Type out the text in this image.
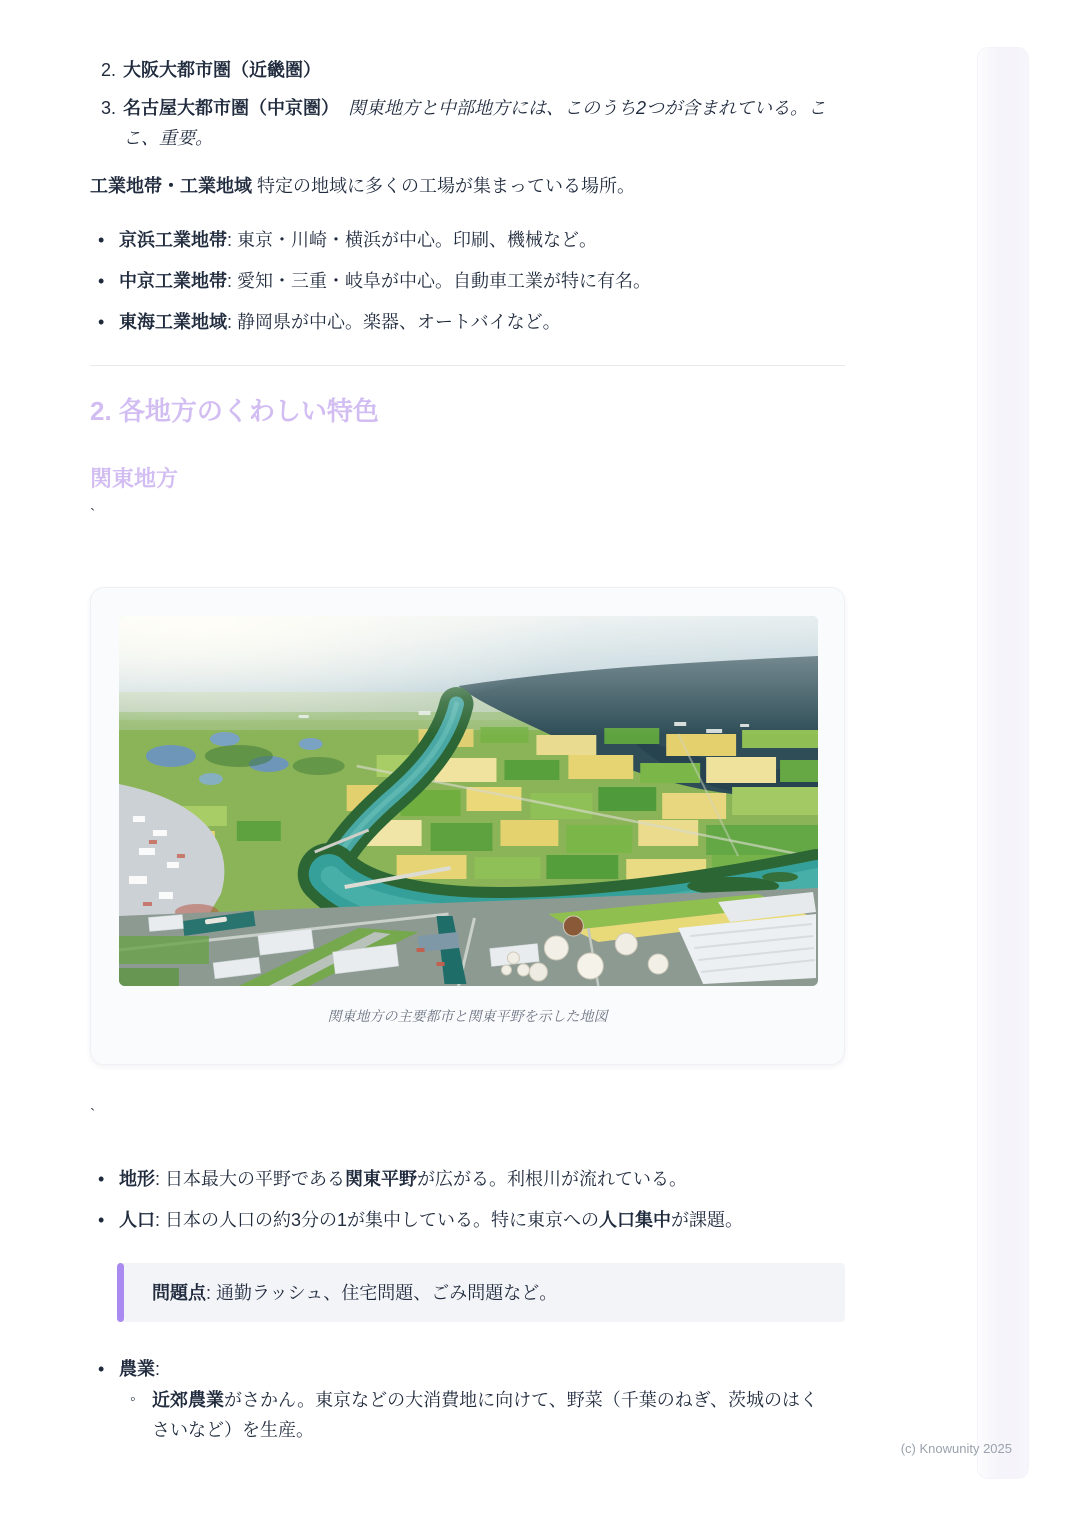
2. 大阪大都市圏（近畿圏）
3. 名古屋大都市圏（中京圏）　関東地方と中部地方には、このうち2つが含まれている。ここ、重要。

工業地帯・工業地域 特定の地域に多くの工場が集まっている場所。

• 京浜工業地帯: 東京・川崎・横浜が中心。印刷、機械など。
• 中京工業地帯: 愛知・三重・岐阜が中心。自動車工業が特に有名。
• 東海工業地域: 静岡県が中心。楽器、オートバイなど。
2. 各地方のくわしい特色
関東地方
`
関東地方の主要都市と関東平野を示した地図
`
• 地形: 日本最大の平野である関東平野が広がる。利根川が流れている。
• 人口: 日本の人口の約3分の1が集中している。特に東京への人口集中が課題。

問題点: 通勤ラッシュ、住宅問題、ごみ問題など。

• 農業:
◦ 近郊農業がさかん。東京などの大消費地に向けて、野菜（千葉のねぎ、茨城のはくさいなど）を生産。
(c) Knowunity 2025
